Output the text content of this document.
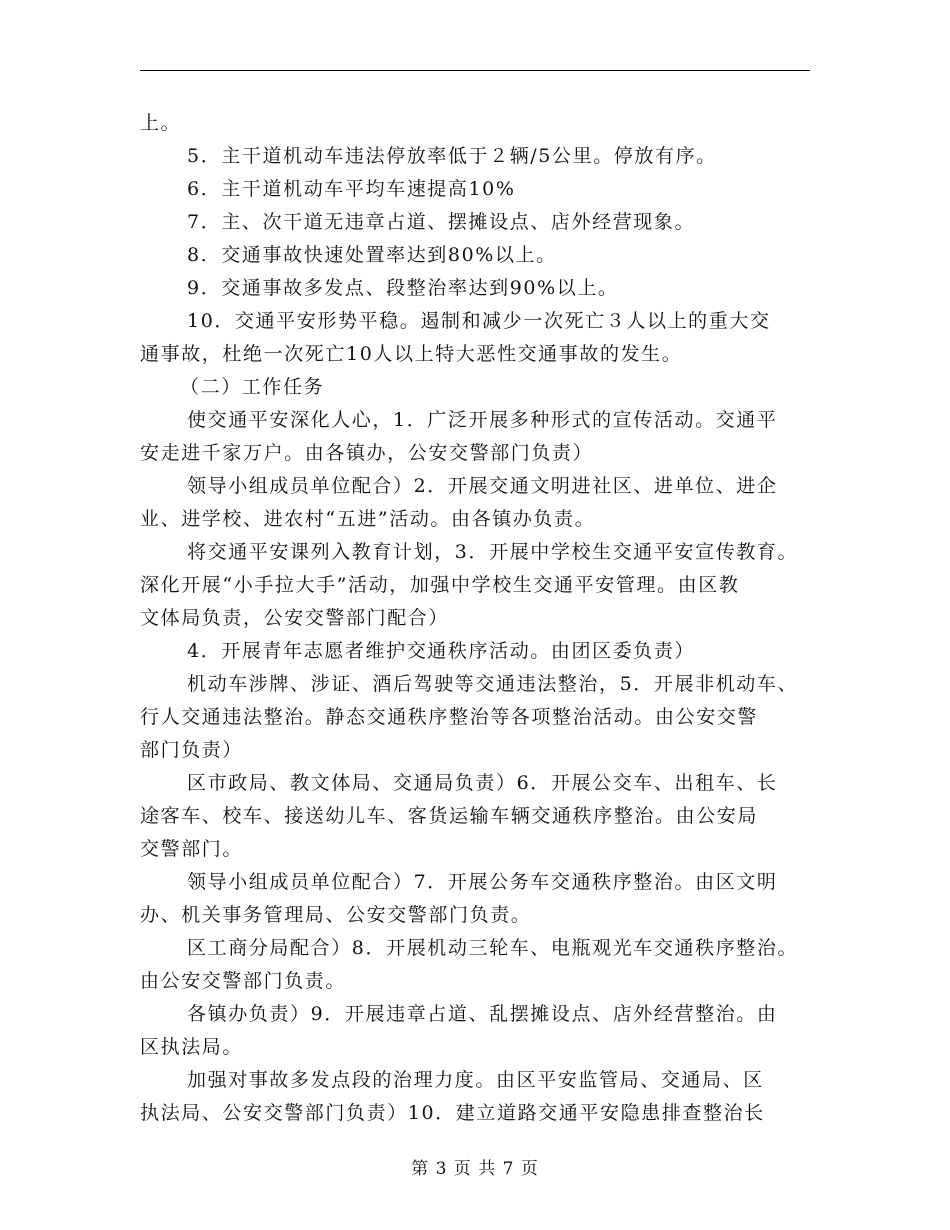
上。
5．主干道机动车违法停放率低于２辆/5公里。停放有序。
6．主干道机动车平均车速提高10%
7．主、次干道无违章占道、摆摊设点、店外经营现象。
8．交通事故快速处置率达到80%以上。
9．交通事故多发点、段整治率达到90%以上。
10．交通平安形势平稳。遏制和减少一次死亡３人以上的重大交
通事故，杜绝一次死亡10人以上特大恶性交通事故的发生。
（二）工作任务
使交通平安深化人心，1．广泛开展多种形式的宣传活动。交通平
安走进千家万户。由各镇办，公安交警部门负责）
领导小组成员单位配合）2．开展交通文明进社区、进单位、进企
业、进学校、进农村“五进”活动。由各镇办负责。
将交通平安课列入教育计划，3．开展中学校生交通平安宣传教育。
深化开展“小手拉大手”活动，加强中学校生交通平安管理。由区教
文体局负责，公安交警部门配合）
4．开展青年志愿者维护交通秩序活动。由团区委负责）
机动车涉牌、涉证、酒后驾驶等交通违法整治，5．开展非机动车、
行人交通违法整治。静态交通秩序整治等各项整治活动。由公安交警
部门负责）
区市政局、教文体局、交通局负责）6．开展公交车、出租车、长
途客车、校车、接送幼儿车、客货运输车辆交通秩序整治。由公安局
交警部门。
领导小组成员单位配合）7．开展公务车交通秩序整治。由区文明
办、机关事务管理局、公安交警部门负责。
区工商分局配合）8．开展机动三轮车、电瓶观光车交通秩序整治。
由公安交警部门负责。
各镇办负责）9．开展违章占道、乱摆摊设点、店外经营整治。由
区执法局。
加强对事故多发点段的治理力度。由区平安监管局、交通局、区
执法局、公安交警部门负责）10．建立道路交通平安隐患排查整治长
第 3 页 共 7 页
